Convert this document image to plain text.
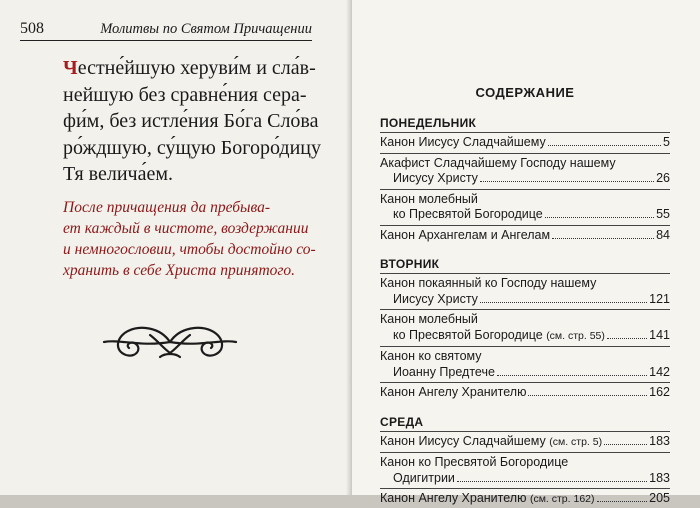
508	Молитвы по Святом Причащении
Честне́йшую херуви́м и сла́в-
нейшую без сравне́ния сера-
фи́м, без истле́ния Бо́га Сло́ва
ро́ждшую, су́щую Богоро́дицу
Тя велича́ем.
После причащения да пребыва-
ет каждый в чистоте, воздержании
и немногословии, чтобы достойно со-
хранить в себе Христа принятого.
СОДЕРЖАНИЕ
ПОНЕДЕЛЬНИК
Канон Иисусу Сладчайшему	5
Акафист Сладчайшему Господу нашему
Иисусу Христу	26
Канон молебный
ко Пресвятой Богородице	55
Канон Архангелам и Ангелам	84
ВТОРНИК
Канон покаянный ко Господу нашему
Иисусу Христу	121
Канон молебный
ко Пресвятой Богородице (см. стр. 55)	141
Канон ко святому
Иоанну Предтече	142
Канон Ангелу Хранителю	162
СРЕДА
Канон Иисусу Сладчайшему (см. стр. 5)	183
Канон ко Пресвятой Богородице
Одигитрии	183
Канон Ангелу Хранителю (см. стр. 162)	205
